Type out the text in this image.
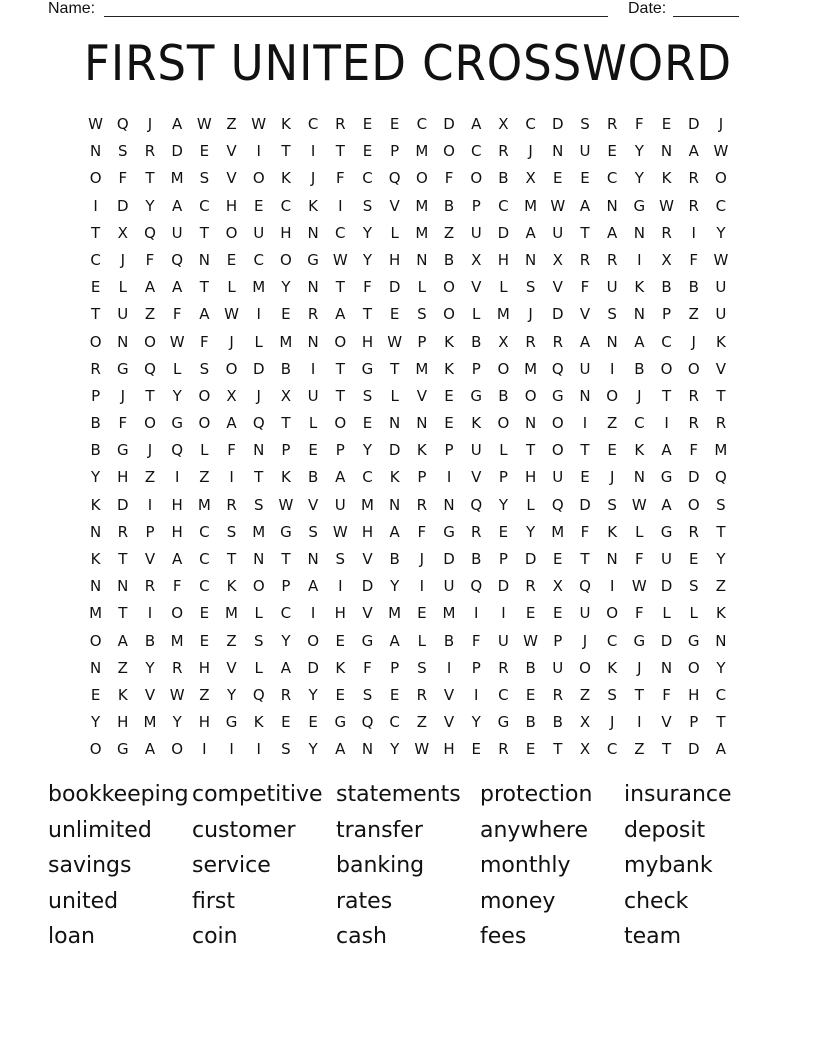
Name:	Date:
FIRST UNITED CROSSWORD
W Q	J	A W Z W K	C	R	E	E	C	D	A	X	C	D	S	R	F	E	D	J
N	S	R	D	E	V	I	T	I	T	E	P	M O	C	R	J	N	U	E	Y	N	A W
O	F	T	M	S	V	O	K	J	F	C	Q	O	F	O	B	X	E	E	C	Y	K	R	O
I	D	Y	A	C	H	E	C	K	I	S	V	M	B	P	C	M W A	N	G W R	C
T	X	Q	U	T	O	U	H	N	C	Y	L	M	Z	U	D	A	U	T	A	N	R	I	Y
C	J	F	Q	N	E	C	O	G W	Y	H	N	B	X	H	N	X	R	R	I	X	F	W
E	L	A	A	T	L	M	Y	N	T	F	D	L	O	V	L	S	V	F	U	K	B	B	U
T	U	Z	F	A W	I	E	R	A	T	E	S	O	L	M	J	D	V	S	N	P	Z	U
O	N	O W	F	J	L	M	N	O	H W	P	K	B	X	R	R	A	N	A	C	J	K
R	G	Q	L	S	O	D	B	I	T	G	T	M	K	P	O M Q	U	I	B	O	O	V
P	J	T	Y	O	X	J	X	U	T	S	L	V	E	G	B	O	G	N	O	J	T	R	T
B	F	O	G	O	A	Q	T	L	O	E	N	N	E	K	O	N	O	I	Z	C	I	R	R
B	G	J	Q	L	F	N	P	E	P	Y	D	K	P	U	L	T	O	T	E	K	A	F	M
Y	H	Z	I	Z	I	T	K	B	A	C	K	P	I	V	P	H	U	E	J	N	G	D	Q
K	D	I	H	M	R	S	W V	U	M	N	R	N	Q	Y	L	Q	D	S	W A	O	S
N	R	P	H	C	S	M G	S	W H	A	F	G	R	E	Y	M	F	K	L	G	R	T
K	T	V	A	C	T	N	T	N	S	V	B	J	D	B	P	D	E	T	N	F	U	E	Y
N	N	R	F	C	K	O	P	A	I	D	Y	I	U	Q	D	R	X	Q	I	W D	S	Z
M	T	I	O	E	M	L	C	I	H	V	M	E	M	I	I	E	E	U	O	F	L	L	K
O	A	B	M	E	Z	S	Y	O	E	G	A	L	B	F	U W	P	J	C	G	D	G	N
N	Z	Y	R	H	V	L	A	D	K	F	P	S	I	P	R	B	U	O	K	J	N	O	Y
E	K	V W Z	Y	Q	R	Y	E	S	E	R	V	I	C	E	R	Z	S	T	F	H	C
Y	H	M	Y	H	G	K	E	E	G	Q	C	Z	V	Y	G	B	B	X	J	I	V	P	T
O	G	A	O	I	I	I	S	Y	A	N	Y	W H	E	R	E	T	X	C	Z	T	D	A
bookkeeping competitive statements protection	insurance
unlimited	customer	transfer	anywhere	deposit
savings	service	banking	monthly	mybank
united	first	rates	money	check
loan	coin	cash	fees	team
